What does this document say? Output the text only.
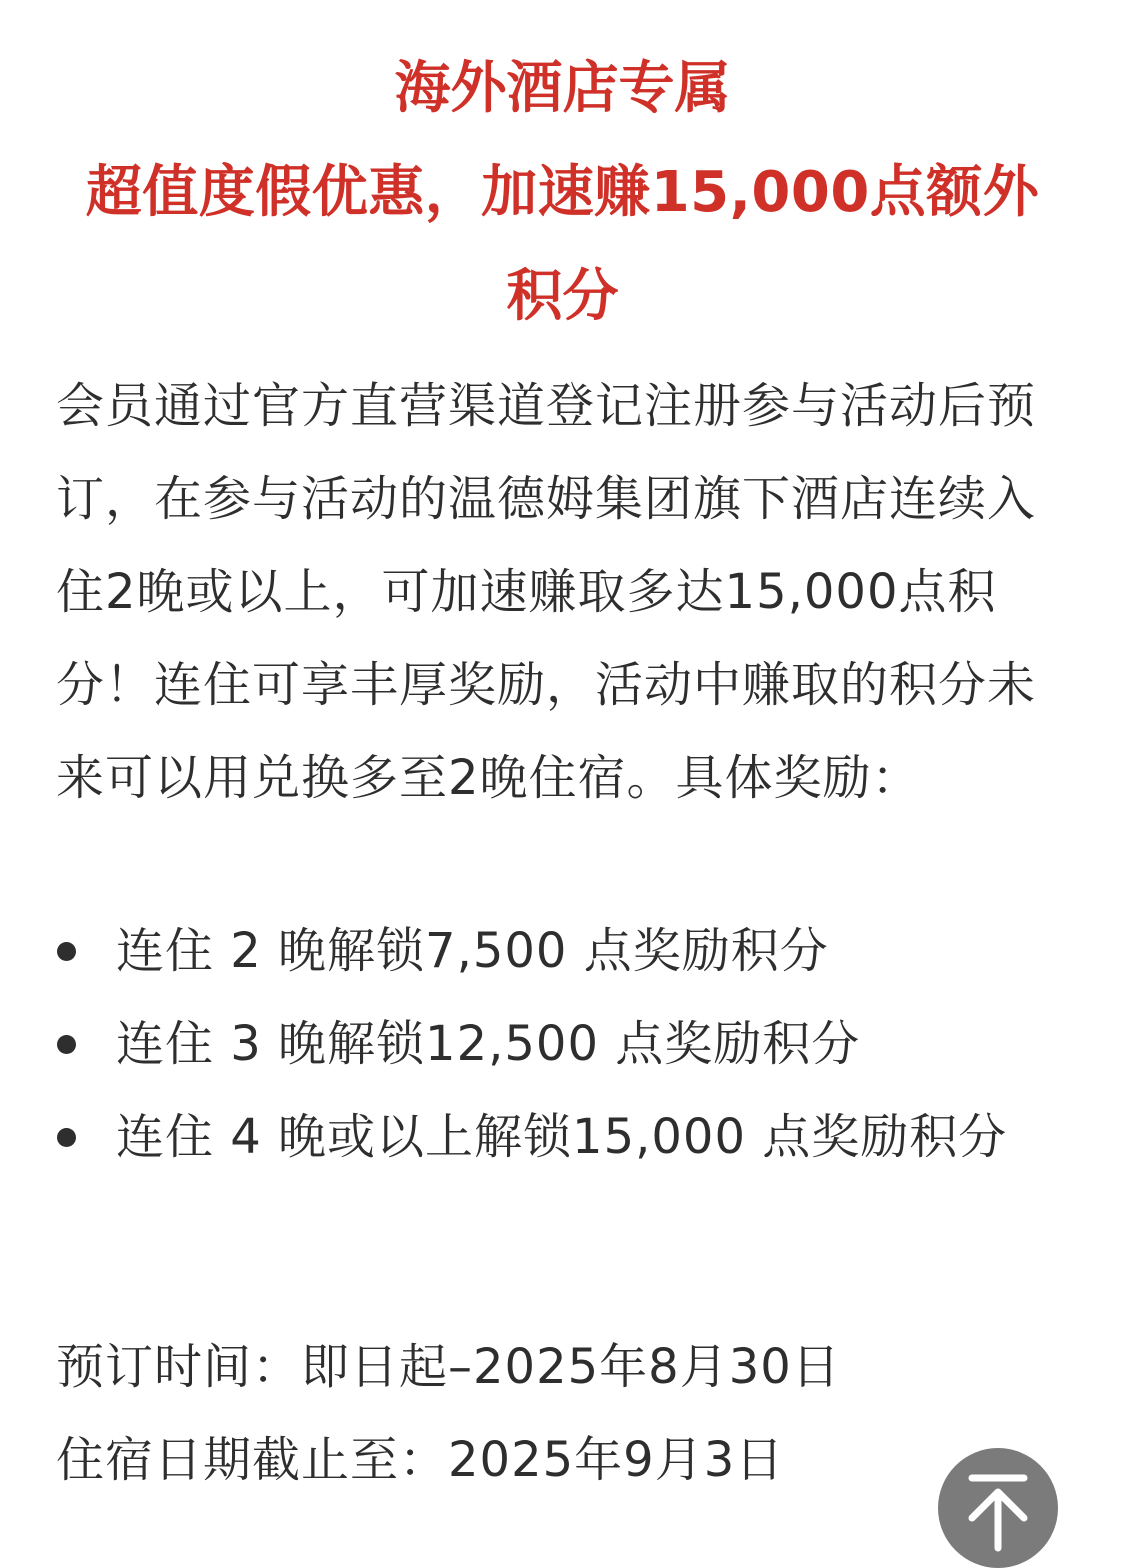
海外酒店专属
超值度假优惠，加速赚15,000点额外
积分

会员通过官方直营渠道登记注册参与活动后预订，在参与活动的温德姆集团旗下酒店连续入住2晚或以上，可加速赚取多达15,000点积分！连住可享丰厚奖励，活动中赚取的积分未来可以用兑换多至2晚住宿。具体奖励：

连住 2 晚解锁7,500 点奖励积分
连住 3 晚解锁12,500 点奖励积分
连住 4 晚或以上解锁15,000 点奖励积分
预订时间：即日起–2025年8月30日
住宿日期截止至：2025年9月3日
